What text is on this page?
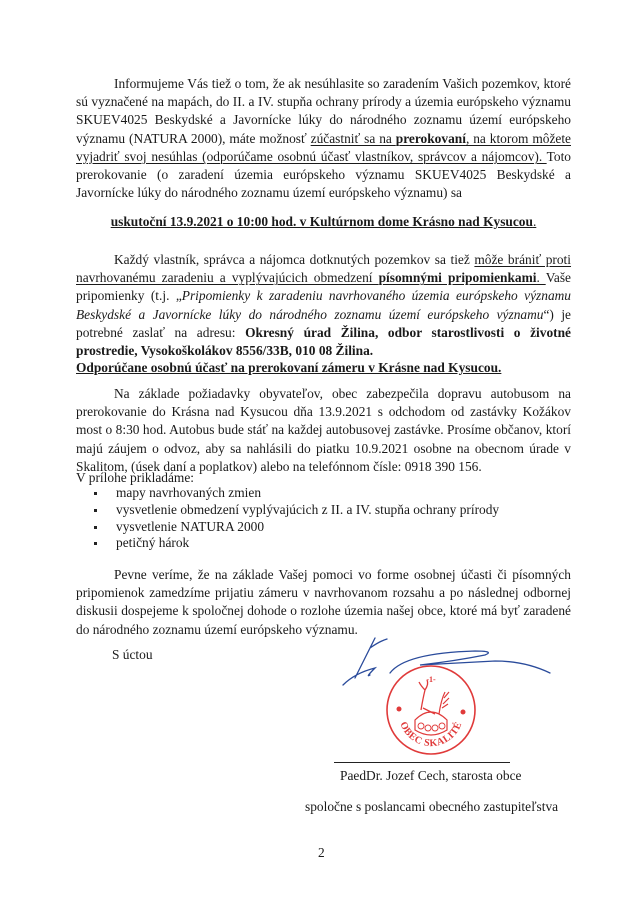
Informujeme Vás tiež o tom, že ak nesúhlasite so zaradením Vašich pozemkov, ktoré sú vyznačené na mapách, do II. a IV. stupňa ochrany prírody a územia európskeho významu SKUEV4025 Beskydské a Javornícke lúky do národného zoznamu území európskeho významu (NATURA 2000), máte možnosť zúčastniť sa na prerokovaní, na ktorom môžete vyjadriť svoj nesúhlas (odporúčame osobnú účasť vlastníkov, správcov a nájomcov). Toto prerokovanie (o zaradení územia európskeho významu SKUEV4025 Beskydské a Javornícke lúky do národného zoznamu území európskeho významu) sa

uskutoční 13.9.2021 o 10:00 hod. v Kultúrnom dome Krásno nad Kysucou.

Každý vlastník, správca a nájomca dotknutých pozemkov sa tiež môže brániť proti navrhovanému zaradeniu a vyplývajúcich obmedzení písomnými pripomienkami. Vaše pripomienky (t.j. „Pripomienky k zaradeniu navrhovaného územia európskeho významu Beskydské a Javornícke lúky do národného zoznamu území európskeho významu“) je potrebné zaslať na adresu: Okresný úrad Žilina, odbor starostlivosti o životné prostredie, Vysokoškolákov 8556/33B, 010 08 Žilina.

Odporúčane osobnú účasť na prerokovaní zámeru v Krásne nad Kysucou.

Na základe požiadavky obyvateľov, obec zabezpečila dopravu autobusom na prerokovanie do Krásna nad Kysucou dňa 13.9.2021 s odchodom od zastávky Kožákov most o 8:30 hod. Autobus bude stáť na každej autobusovej zastávke. Prosíme občanov, ktorí majú záujem o odvoz, aby sa nahlásili do piatku 10.9.2021 osobne na obecnom úrade v Skalitom, (úsek daní a poplatkov) alebo na telefónnom čísle: 0918 390 156.

V prílohe prikladáme:
mapy navrhovaných zmien
vysvetlenie obmedzení vyplývajúcich z II. a IV. stupňa ochrany prírody
vysvetlenie NATURA 2000
petičný hárok

Pevne veríme, že na základe Vašej pomoci vo forme osobnej účasti či písomných pripomienok zamedzíme prijatiu zámeru v navrhovanom rozsahu a po následnej odbornej diskusii dospejeme k spoločnej dohode o rozlohe územia našej obce, ktoré má byť zaradené do národného zoznamu území európskeho významu.

S úctou
-1-
OBEC SKALITÉ
PaedDr. Jozef Cech, starosta obce
spoločne s poslancami obecného zastupiteľstva
2
